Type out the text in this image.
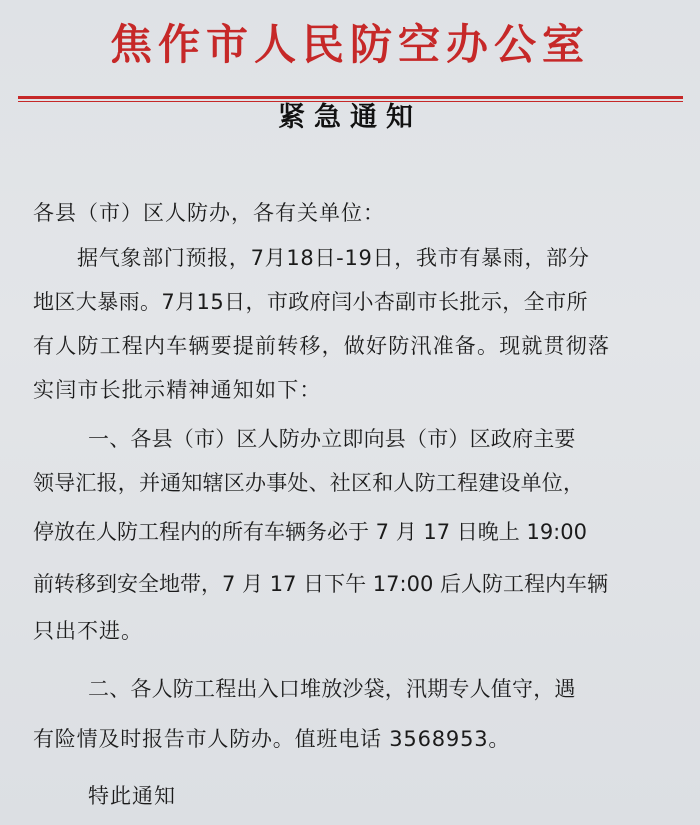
焦作市人民防空办公室
紧急通知
各县（市）区人防办，各有关单位：
据气象部门预报，7月18日-19日，我市有暴雨，部分
地区大暴雨。7月15日，市政府闫小杏副市长批示，全市所
有人防工程内车辆要提前转移，做好防汛准备。现就贯彻落
实闫市长批示精神通知如下：
一、各县（市）区人防办立即向县（市）区政府主要
领导汇报，并通知辖区办事处、社区和人防工程建设单位，
停放在人防工程内的所有车辆务必于 7 月 17 日晚上 19:00
前转移到安全地带，7 月 17 日下午 17:00 后人防工程内车辆
只出不进。
二、各人防工程出入口堆放沙袋，汛期专人值守，遇
有险情及时报告市人防办。值班电话 3568953。
特此通知
